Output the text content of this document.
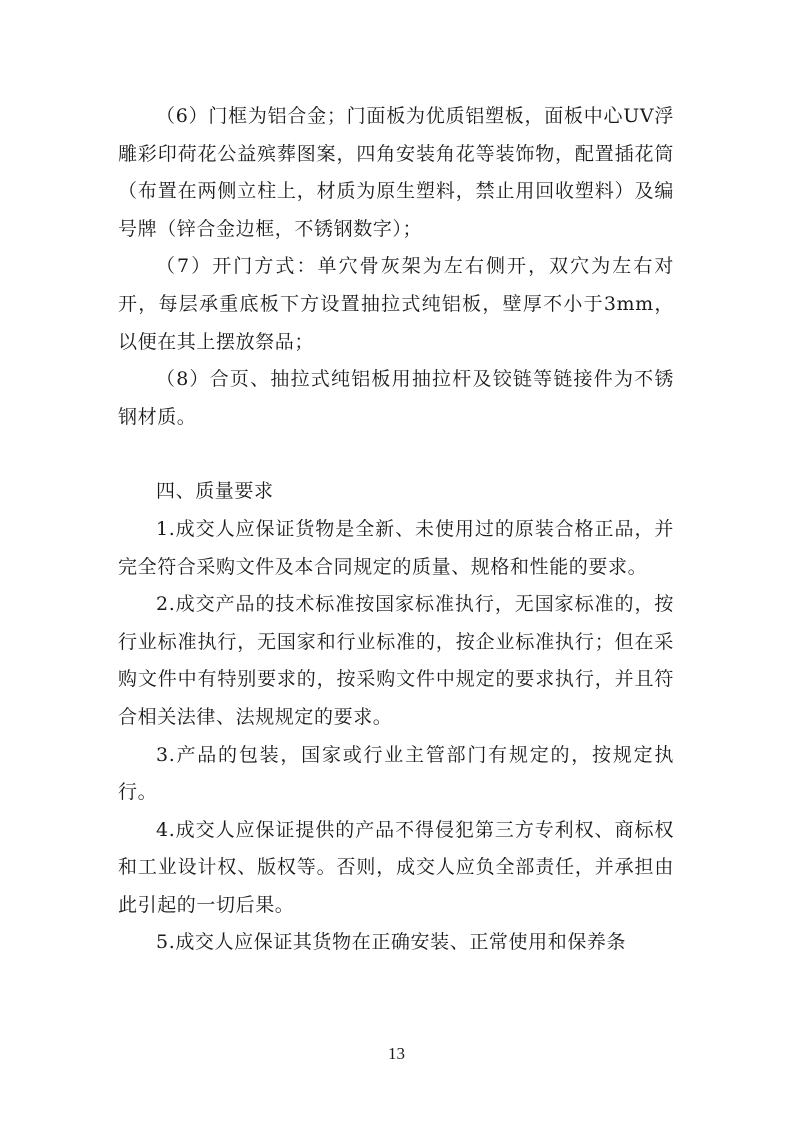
（6）门框为铝合金；门面板为优质铝塑板，面板中心UV浮雕彩印荷花公益殡葬图案，四角安装角花等装饰物，配置插花筒（布置在两侧立柱上，材质为原生塑料，禁止用回收塑料）及编号牌（锌合金边框，不锈钢数字）；

（7）开门方式：单穴骨灰架为左右侧开，双穴为左右对开，每层承重底板下方设置抽拉式纯铝板，壁厚不小于3mm，以便在其上摆放祭品；

（8）合页、抽拉式纯铝板用抽拉杆及铰链等链接件为不锈钢材质。

四、质量要求

1.成交人应保证货物是全新、未使用过的原装合格正品，并完全符合采购文件及本合同规定的质量、规格和性能的要求。

2.成交产品的技术标准按国家标准执行，无国家标准的，按行业标准执行，无国家和行业标准的，按企业标准执行；但在采购文件中有特别要求的，按采购文件中规定的要求执行，并且符合相关法律、法规规定的要求。

3.产品的包装，国家或行业主管部门有规定的，按规定执行。

4.成交人应保证提供的产品不得侵犯第三方专利权、商标权和工业设计权、版权等。否则，成交人应负全部责任，并承担由此引起的一切后果。

5.成交人应保证其货物在正确安装、正常使用和保养条

13
